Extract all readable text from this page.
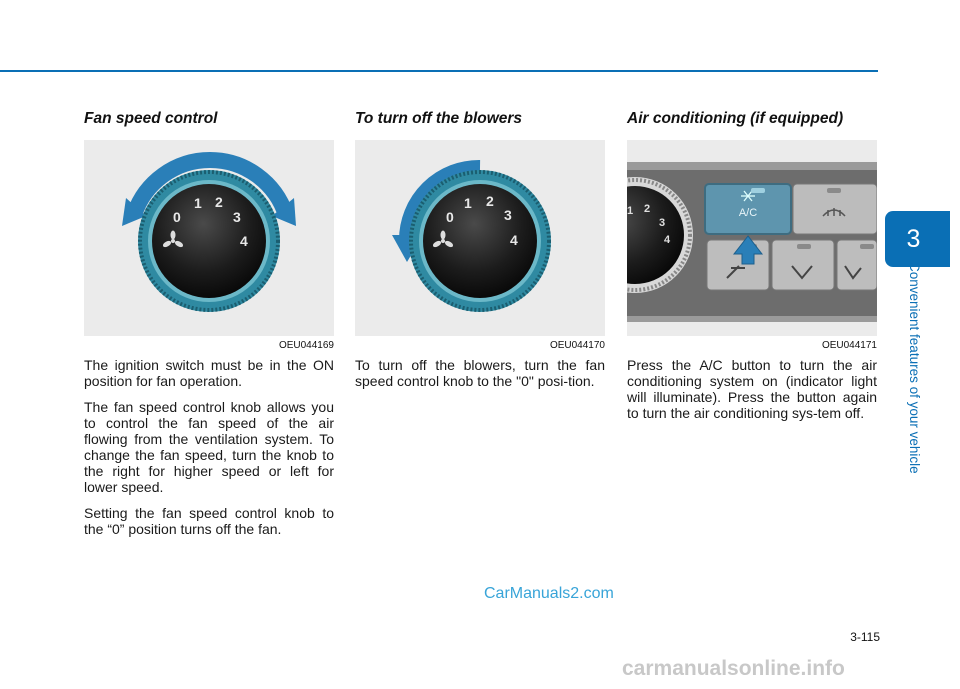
3
Convenient features of your vehicle
Fan speed control
0
1 2
3
4
OEU044169

The ignition switch must be in the ON position for fan operation.

The fan speed control knob allows you to control the fan speed of the air flowing from the ventilation system. To change the fan speed, turn the knob to the right for higher speed or left for lower speed.

Setting the fan speed control knob to the “0” position turns off the fan.

To turn off the blowers
0
1 2
3
4
OEU044170

To turn off the blowers, turn the fan speed control knob to the "0" posi-tion.

Air conditioning (if equipped)
1 2
3
4
A/C
OEU044171

Press the A/C button to turn the air conditioning system on (indicator light will illuminate). Press the button again to turn the air conditioning sys-tem off.

3-115
CarManuals2.com
carmanualsonline.info
